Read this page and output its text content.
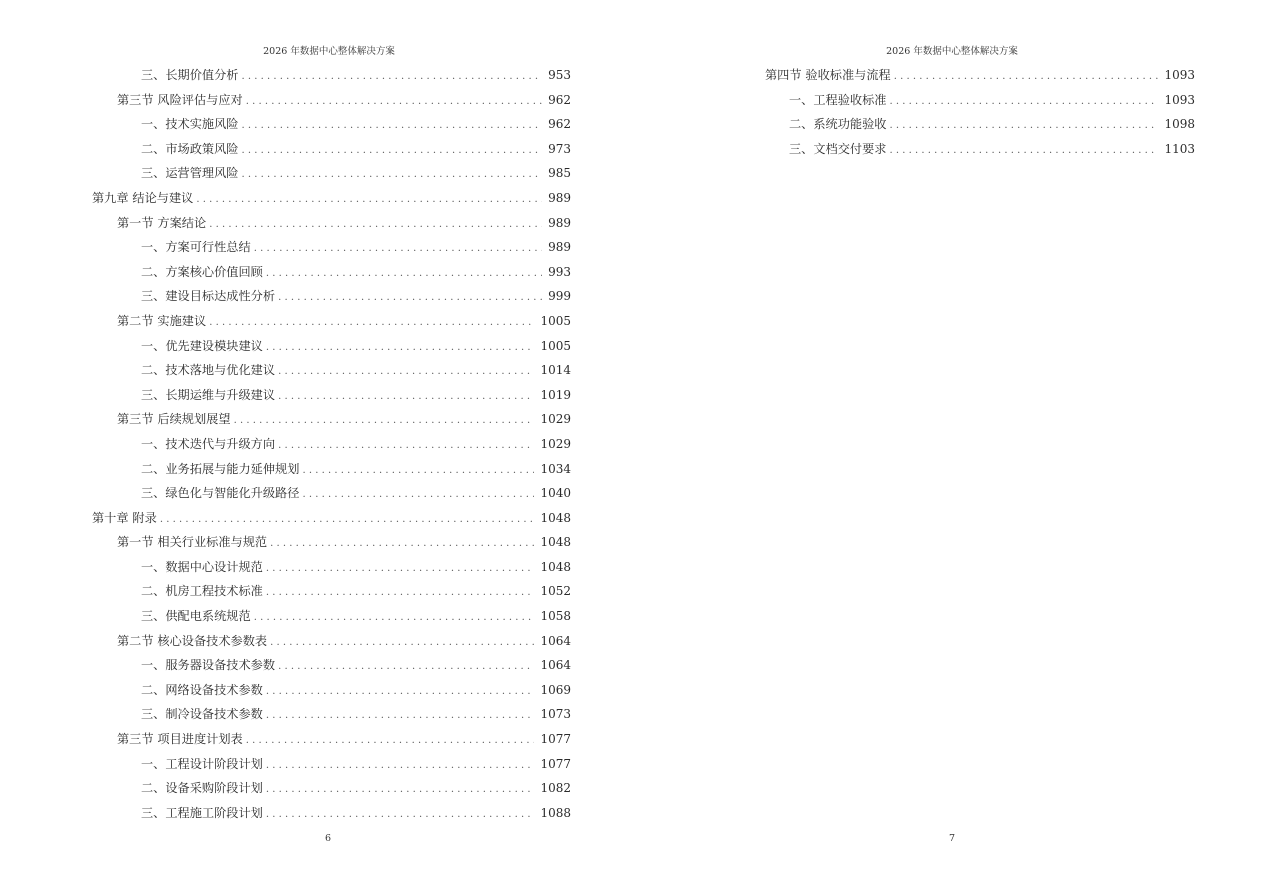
2026 年数据中心整体解决方案
三、长期价值分析 .....	953
第三节 风险评估与应对 .....	962
一、技术实施风险 .....	962
二、市场政策风险 .....	973
三、运营管理风险 .....	985
第九章 结论与建议 .....	989
第一节 方案结论 .....	989
一、方案可行性总结 .....	989
二、方案核心价值回顾 .....	993
三、建设目标达成性分析 .....	999
第二节 实施建议 .....	1005
一、优先建设模块建议 .....	1005
二、技术落地与优化建议 .....	1014
三、长期运维与升级建议 .....	1019
第三节 后续规划展望 .....	1029
一、技术迭代与升级方向 .....	1029
二、业务拓展与能力延伸规划 .....	1034
三、绿色化与智能化升级路径 .....	1040
第十章 附录 .....	1048
第一节 相关行业标准与规范 .....	1048
一、数据中心设计规范 .....	1048
二、机房工程技术标准 .....	1052
三、供配电系统规范 .....	1058
第二节 核心设备技术参数表 .....	1064
一、服务器设备技术参数 .....	1064
二、网络设备技术参数 .....	1069
三、制冷设备技术参数 .....	1073
第三节 项目进度计划表 .....	1077
一、工程设计阶段计划 .....	1077
二、设备采购阶段计划 .....	1082
三、工程施工阶段计划 .....	1088
6
2026 年数据中心整体解决方案
第四节 验收标准与流程 .....	1093
一、工程验收标准 .....	1093
二、系统功能验收 .....	1098
三、文档交付要求 .....	1103
7
